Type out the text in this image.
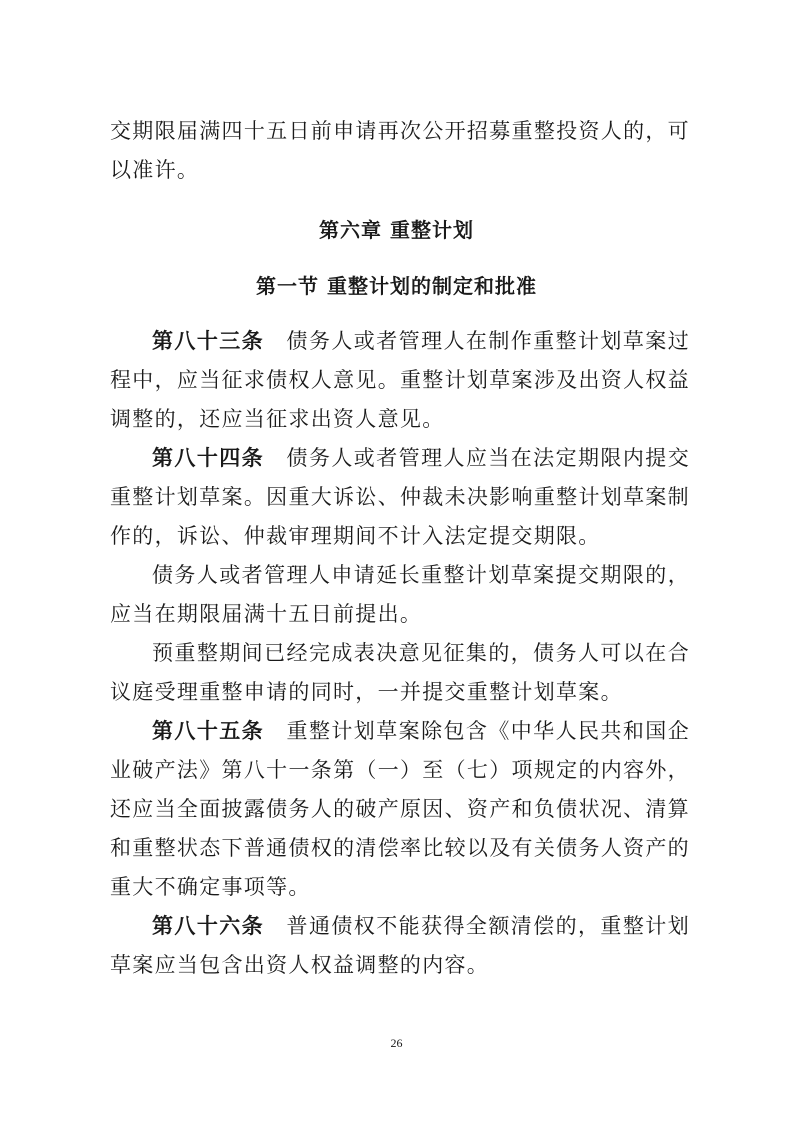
交期限届满四十五日前申请再次公开招募重整投资人的，可以准许。

第六章 重整计划
第一节 重整计划的制定和批准

第八十三条  债务人或者管理人在制作重整计划草案过程中，应当征求债权人意见。重整计划草案涉及出资人权益调整的，还应当征求出资人意见。

第八十四条  债务人或者管理人应当在法定期限内提交重整计划草案。因重大诉讼、仲裁未决影响重整计划草案制作的，诉讼、仲裁审理期间不计入法定提交期限。

债务人或者管理人申请延长重整计划草案提交期限的，应当在期限届满十五日前提出。

预重整期间已经完成表决意见征集的，债务人可以在合议庭受理重整申请的同时，一并提交重整计划草案。

第八十五条  重整计划草案除包含《中华人民共和国企业破产法》第八十一条第（一）至（七）项规定的内容外，还应当全面披露债务人的破产原因、资产和负债状况、清算和重整状态下普通债权的清偿率比较以及有关债务人资产的重大不确定事项等。

第八十六条  普通债权不能获得全额清偿的，重整计划草案应当包含出资人权益调整的内容。

26
